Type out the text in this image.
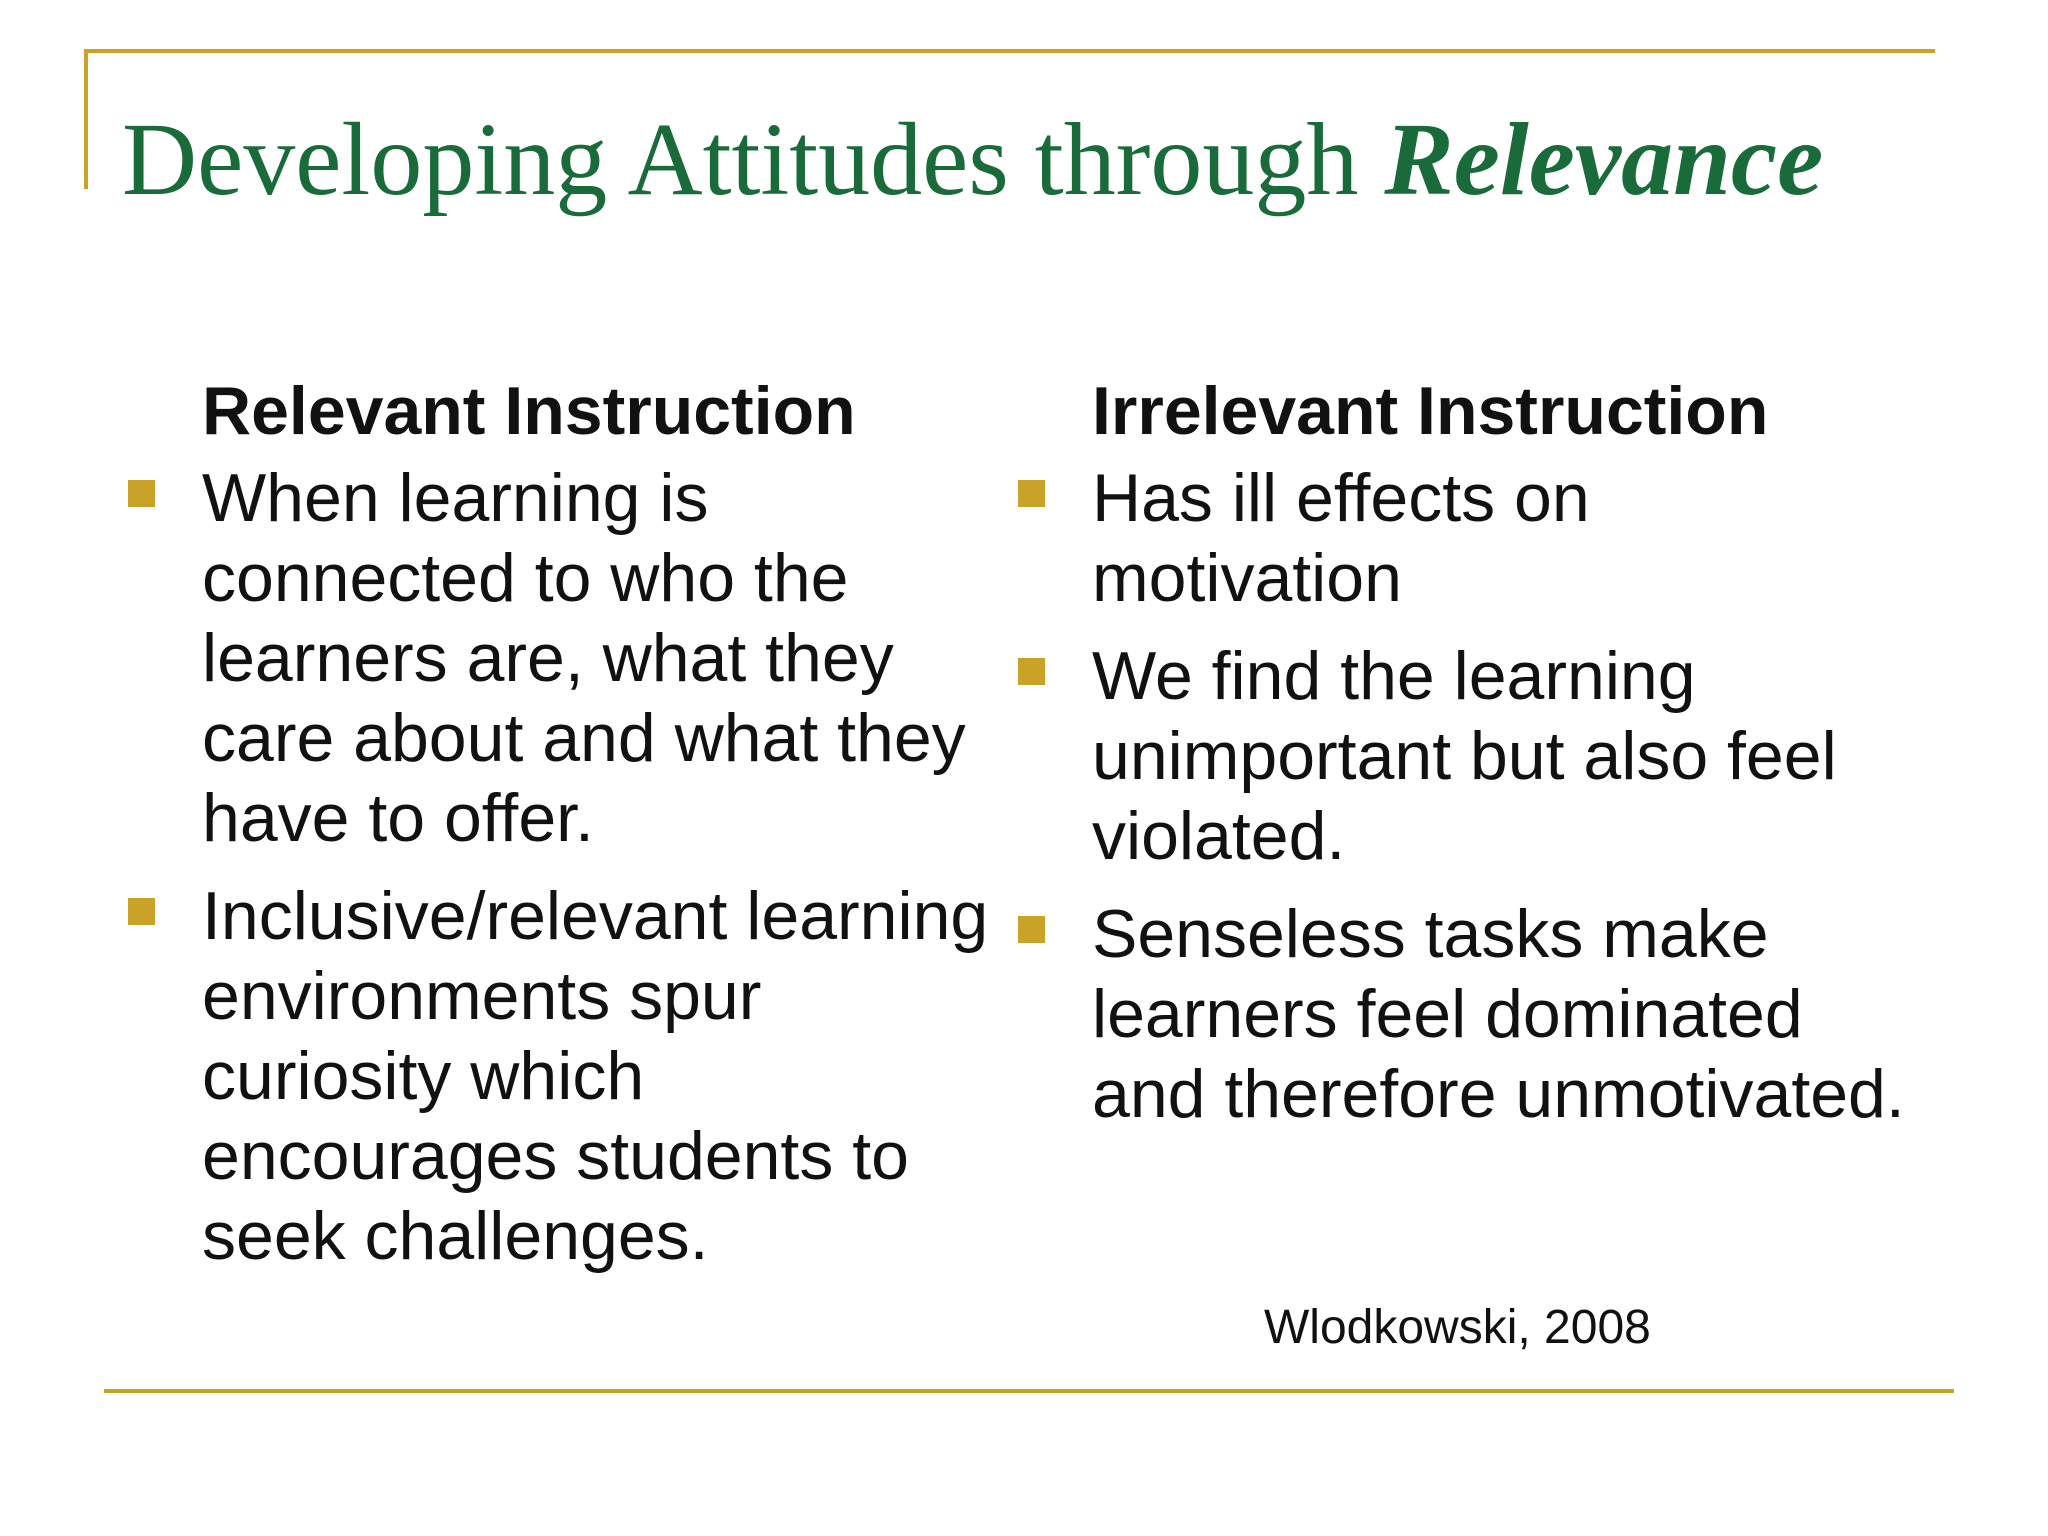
Developing Attitudes through Relevance
Relevant Instruction
When learning is connected to who the learners are, what they care about and what they have to offer.
Inclusive/relevant learning environments spur curiosity which encourages students to seek challenges.
Irrelevant Instruction
Has ill effects on motivation
We find the learning unimportant but also feel violated.
Senseless tasks make learners feel dominated and therefore unmotivated.

Wlodkowski, 2008
